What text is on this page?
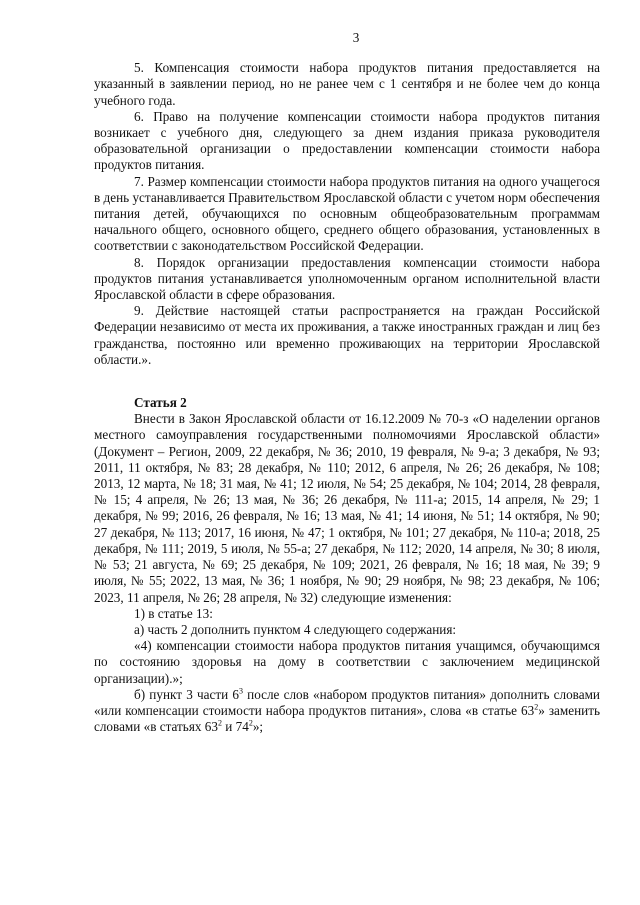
3

5. Компенсация стоимости набора продуктов питания предоставляется на указанный в заявлении период, но не ранее чем с 1 сентября и не более чем до конца учебного года.

6. Право на получение компенсации стоимости набора продуктов питания возникает с учебного дня, следующего за днем издания приказа руководителя образовательной организации о предоставлении компенсации стоимости набора продуктов питания.

7. Размер компенсации стоимости набора продуктов питания на одного учащегося в день устанавливается Правительством Ярославской области с учетом норм обеспечения питания детей, обучающихся по основным общеобразовательным программам начального общего, основного общего, среднего общего образования, установленных в соответствии с законодательством Российской Федерации.

8. Порядок организации предоставления компенсации стоимости набора продуктов питания устанавливается уполномоченным органом исполнительной власти Ярославской области в сфере образования.

9. Действие настоящей статьи распространяется на граждан Российской Федерации независимо от места их проживания, а также иностранных граждан и лиц без гражданства, постоянно или временно проживающих на территории Ярославской области.».

Статья 2

Внести в Закон Ярославской области от 16.12.2009 № 70-з «О наделении органов местного самоуправления государственными полномочиями Ярославской области» (Документ – Регион, 2009, 22 декабря, № 36; 2010, 19 февраля, № 9-а; 3 декабря, № 93; 2011, 11 октября, № 83; 28 декабря, № 110; 2012, 6 апреля, № 26; 26 декабря, № 108; 2013, 12 марта, № 18; 31 мая, № 41; 12 июля, № 54; 25 декабря, № 104; 2014, 28 февраля, № 15; 4 апреля, № 26; 13 мая, № 36; 26 декабря, № 111-а; 2015, 14 апреля, № 29; 1 декабря, № 99; 2016, 26 февраля, № 16; 13 мая, № 41; 14 июня, № 51; 14 октября, № 90; 27 декабря, № 113; 2017, 16 июня, № 47; 1 октября, № 101; 27 декабря, № 110-а; 2018, 25 декабря, № 111; 2019, 5 июля, № 55-а; 27 декабря, № 112; 2020, 14 апреля, № 30; 8 июля, № 53; 21 августа, № 69; 25 декабря, № 109; 2021, 26 февраля, № 16; 18 мая, № 39; 9 июля, № 55; 2022, 13 мая, № 36; 1 ноября, № 90; 29 ноября, № 98; 23 декабря, № 106; 2023, 11 апреля, № 26; 28 апреля, № 32) следующие изменения:

1) в статье 13:

а) часть 2 дополнить пунктом 4 следующего содержания:

«4) компенсации стоимости набора продуктов питания учащимся, обучающимся по состоянию здоровья на дому в соответствии с заключением медицинской организации).»;

б) пункт 3 части $6^3$ после слов «набором продуктов питания» дополнить словами «или компенсации стоимости набора продуктов питания», слова «в статье $63^2$» заменить словами «в статьях $63^2$ и $74^2$»;
